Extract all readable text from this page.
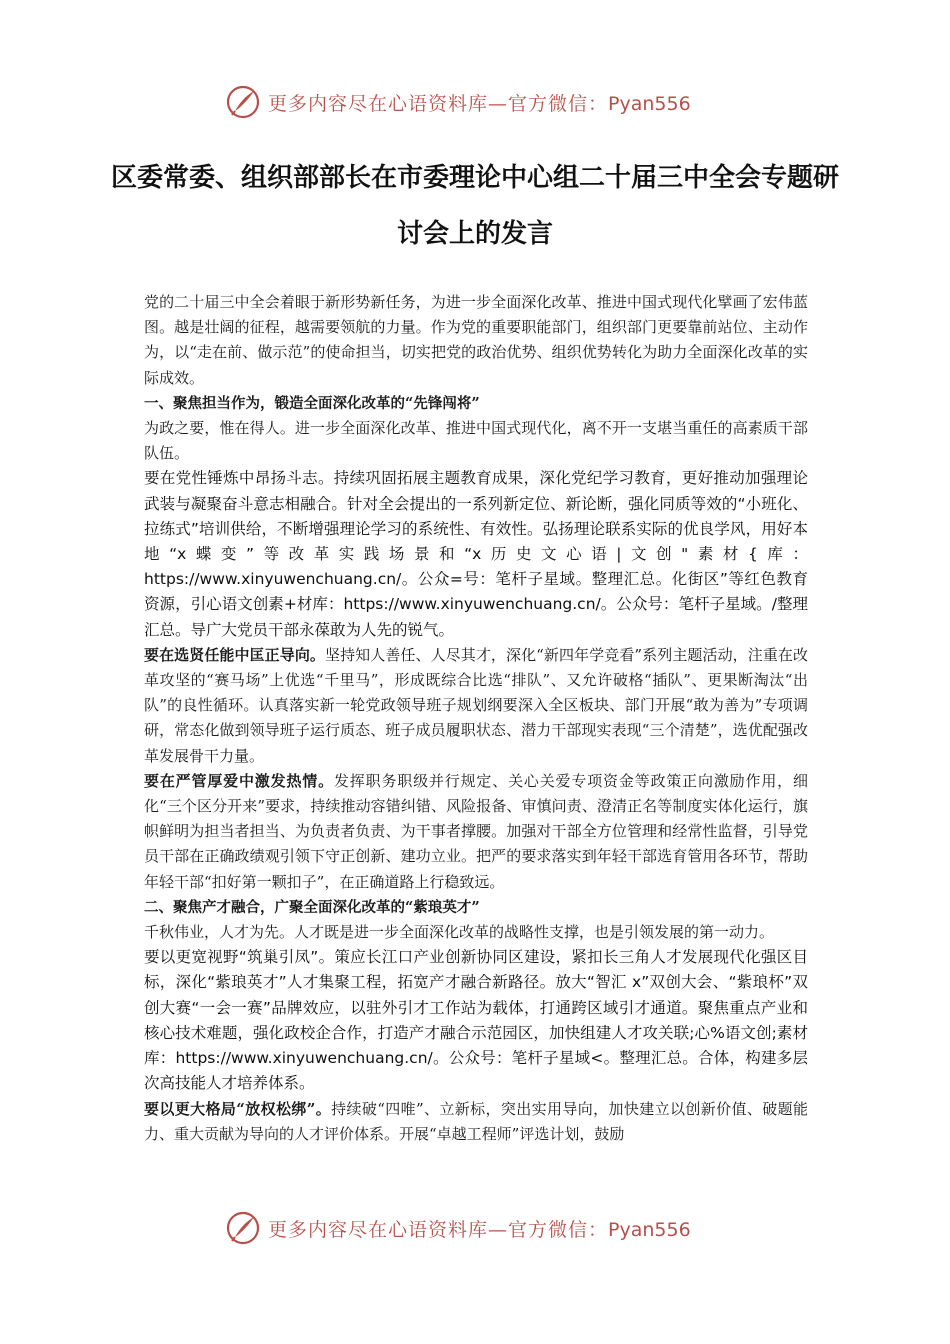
更多内容尽在心语资料库—官方微信：Pyan556
区委常委、组织部部长在市委理论中心组二十届三中全会专题研讨会上的发言

党的二十届三中全会着眼于新形势新任务，为进一步全面深化改革、推进中国式现代化擘画了宏伟蓝图。越是壮阔的征程，越需要领航的力量。作为党的重要职能部门，组织部门更要靠前站位、主动作为，以“走在前、做示范”的使命担当，切实把党的政治优势、组织优势转化为助力全面深化改革的实际成效。

一、聚焦担当作为，锻造全面深化改革的“先锋闯将”

为政之要，惟在得人。进一步全面深化改革、推进中国式现代化，离不开一支堪当重任的高素质干部队伍。

要在党性锤炼中昂扬斗志。持续巩固拓展主题教育成果，深化党纪学习教育，更好推动加强理论武装与凝聚奋斗意志相融合。针对全会提出的一系列新定位、新论断，强化同质等效的“小班化、拉练式”培训供给，不断增强理论学习的系统性、有效性。弘扬理论联系实际的优良学风，用好本地“x蝶变”等改革实践场景和“x历史文心语|文创"素材{库：https://www.xinyuwenchuang.cn/。公众=号：笔杆子星域。整理汇总。化街区”等红色教育资源，引心语文创素+材库：https://www.xinyuwenchuang.cn/。公众号：笔杆子星域。/整理汇总。导广大党员干部永葆敢为人先的锐气。

要在选贤任能中匡正导向。坚持知人善任、人尽其才，深化“新四年学竞看”系列主题活动，注重在改革攻坚的“赛马场”上优选“千里马”，形成既综合比选“排队”、又允许破格“插队”、更果断淘汰“出队”的良性循环。认真落实新一轮党政领导班子规划纲要深入全区板块、部门开展“敢为善为”专项调研，常态化做到领导班子运行质态、班子成员履职状态、潜力干部现实表现“三个清楚”，选优配强改革发展骨干力量。

要在严管厚爱中激发热情。发挥职务职级并行规定、关心关爱专项资金等政策正向激励作用，细化“三个区分开来”要求，持续推动容错纠错、风险报备、审慎问责、澄清正名等制度实体化运行，旗帜鲜明为担当者担当、为负责者负责、为干事者撑腰。加强对干部全方位管理和经常性监督，引导党员干部在正确政绩观引领下守正创新、建功立业。把严的要求落实到年轻干部选育管用各环节，帮助年轻干部“扣好第一颗扣子”，在正确道路上行稳致远。

二、聚焦产才融合，广聚全面深化改革的“紫琅英才”

千秋伟业，人才为先。人才既是进一步全面深化改革的战略性支撑，也是引领发展的第一动力。

要以更宽视野“筑巢引凤”。策应长江口产业创新协同区建设，紧扣长三角人才发展现代化强区目标，深化“紫琅英才”人才集聚工程，拓宽产才融合新路径。放大“智汇 x”双创大会、“紫琅杯”双创大赛“一会一赛”品牌效应，以驻外引才工作站为载体，打通跨区域引才通道。聚焦重点产业和核心技术难题，强化政校企合作，打造产才融合示范园区，加快组建人才攻关联;心%语文创;素材库：https://www.xinyuwenchuang.cn/。公众号：笔杆子星域<。整理汇总。合体，构建多层次高技能人才培养体系。

要以更大格局“放权松绑”。持续破“四唯”、立新标，突出实用导向，加快建立以创新价值、破题能力、重大贡献为导向的人才评价体系。开展“卓越工程师”评选计划，鼓励

更多内容尽在心语资料库—官方微信：Pyan556
